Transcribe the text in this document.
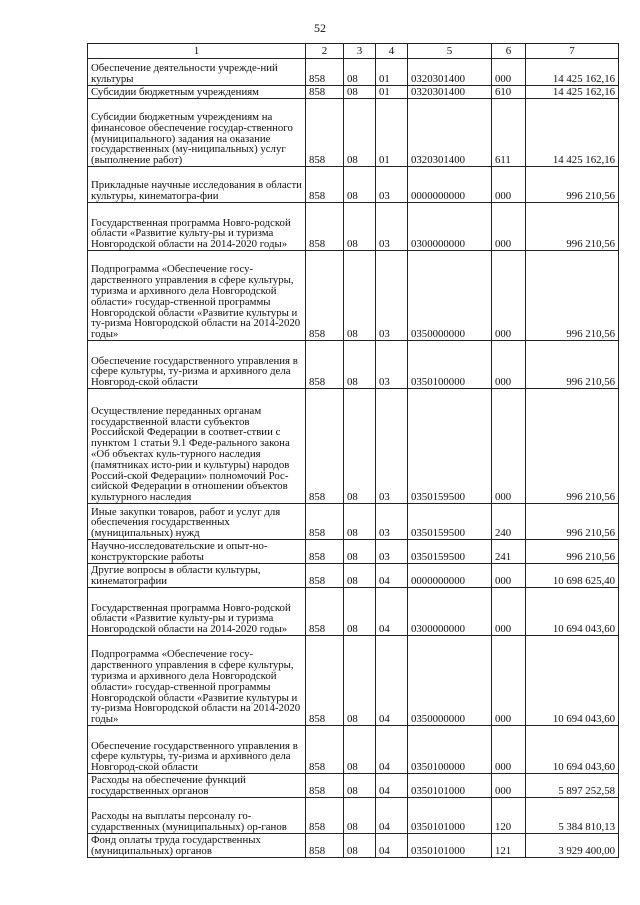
52
1	2	3	4	5	6	7
Обеспечение деятельности учрежде-ний культуры	858	08	01	0320301400	000	14 425 162,16
Субсидии бюджетным учреждениям	858	08	01	0320301400	610	14 425 162,16
Субсидии бюджетным учреждениям на финансовое обеспечение государ-ственного (муниципального) задания на оказание государственных (му-ниципальных) услуг (выполнение работ)	858	08	01	0320301400	611	14 425 162,16
Прикладные научные исследования в области культуры, кинематогра-фии	858	08	03	0000000000	000	996 210,56
Государственная программа Новго-родской области «Развитие культу-ры и туризма Новгородской области на 2014-2020 годы»	858	08	03	0300000000	000	996 210,56
Подпрограмма «Обеспечение госу-дарственного управления в сфере культуры, туризма и архивного дела Новгородской области» государ-ственной программы Новгородской области «Развитие культуры и ту-ризма Новгородской области на 2014-2020 годы»	858	08	03	0350000000	000	996 210,56
Обеспечение государственного управления в сфере культуры, ту-ризма и архивного дела Новгород-ской области	858	08	03	0350100000	000	996 210,56
Осуществление переданных органам государственной власти субъектов Российской Федерации в соответ-ствии с пунктом 1 статьи 9.1 Феде-рального закона «Об объектах куль-турного наследия (памятниках исто-рии и культуры) народов Россий-ской Федерации» полномочий Рос-сийской Федерации в отношении объектов культурного наследия	858	08	03	0350159500	000	996 210,56
Иные закупки товаров, работ и услуг для обеспечения государственных (муниципальных) нужд	858	08	03	0350159500	240	996 210,56
Научно-исследовательские и опыт-но-конструкторские работы	858	08	03	0350159500	241	996 210,56
Другие вопросы в области культуры, кинематографии	858	08	04	0000000000	000	10 698 625,40
Государственная программа Новго-родской области «Развитие культу-ры и туризма Новгородской области на 2014-2020 годы»	858	08	04	0300000000	000	10 694 043,60
Подпрограмма «Обеспечение госу-дарственного управления в сфере культуры, туризма и архивного дела Новгородской области» государ-ственной программы Новгородской области «Развитие культуры и ту-ризма Новгородской области на 2014-2020 годы»	858	08	04	0350000000	000	10 694 043,60
Обеспечение государственного управления в сфере культуры, ту-ризма и архивного дела Новгород-ской области	858	08	04	0350100000	000	10 694 043,60
Расходы на обеспечение функций государственных органов	858	08	04	0350101000	000	5 897 252,58
Расходы на выплаты персоналу го-сударственных (муниципальных) ор-ганов	858	08	04	0350101000	120	5 384 810,13
Фонд оплаты труда государственных (муниципальных) органов	858	08	04	0350101000	121	3 929 400,00
